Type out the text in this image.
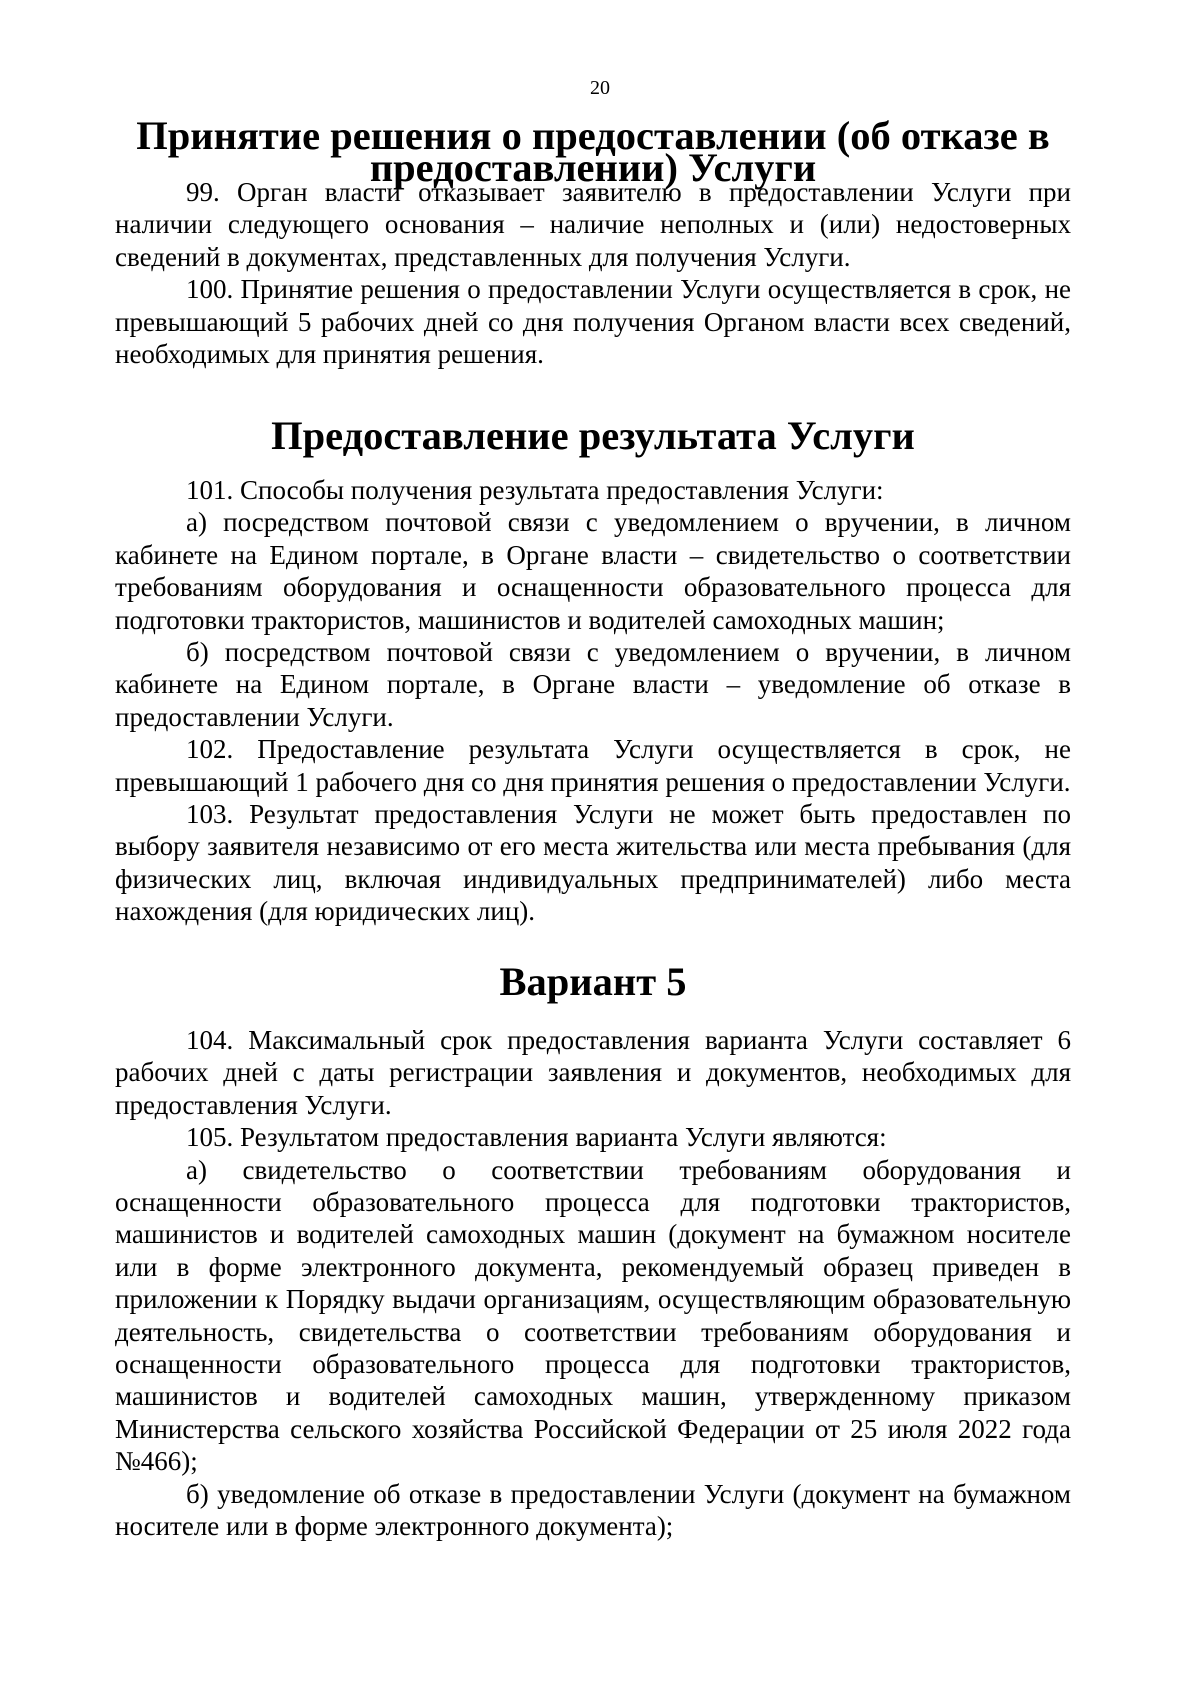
20
Принятие решения о предоставлении (об отказе в предоставлении) Услуги

99. Орган власти отказывает заявителю в предоставлении Услуги при наличии следующего основания – наличие неполных и (или) недостоверных сведений в документах, представленных для получения Услуги.

100. Принятие решения о предоставлении Услуги осуществляется в срок, не превышающий 5 рабочих дней со дня получения Органом власти всех сведений, необходимых для принятия решения.

Предоставление результата Услуги

101. Способы получения результата предоставления Услуги:

а) посредством почтовой связи с уведомлением о вручении, в личном кабинете на Едином портале, в Органе власти – свидетельство о соответствии требованиям оборудования и оснащенности образовательного процесса для подготовки трактористов, машинистов и водителей самоходных машин;

б) посредством почтовой связи с уведомлением о вручении, в личном кабинете на Едином портале, в Органе власти – уведомление об отказе в предоставлении Услуги.

102. Предоставление результата Услуги осуществляется в срок, не превышающий 1 рабочего дня со дня принятия решения о предоставлении Услуги.

103. Результат предоставления Услуги не может быть предоставлен по выбору заявителя независимо от его места жительства или места пребывания (для физических лиц, включая индивидуальных предпринимателей) либо места нахождения (для юридических лиц).

Вариант 5

104. Максимальный срок предоставления варианта Услуги составляет 6 рабочих дней с даты регистрации заявления и документов, необходимых для предоставления Услуги.

105. Результатом предоставления варианта Услуги являются:

а) свидетельство о соответствии требованиям оборудования и оснащенности образовательного процесса для подготовки трактористов, машинистов и водителей самоходных машин (документ на бумажном носителе или в форме электронного документа, рекомендуемый образец приведен в приложении к Порядку выдачи организациям, осуществляющим образовательную деятельность, свидетельства о соответствии требованиям оборудования и оснащенности образовательного процесса для подготовки трактористов, машинистов и водителей самоходных машин, утвержденному приказом Министерства сельского хозяйства Российской Федерации от 25 июля 2022 года №466);

б) уведомление об отказе в предоставлении Услуги (документ на бумажном носителе или в форме электронного документа);
